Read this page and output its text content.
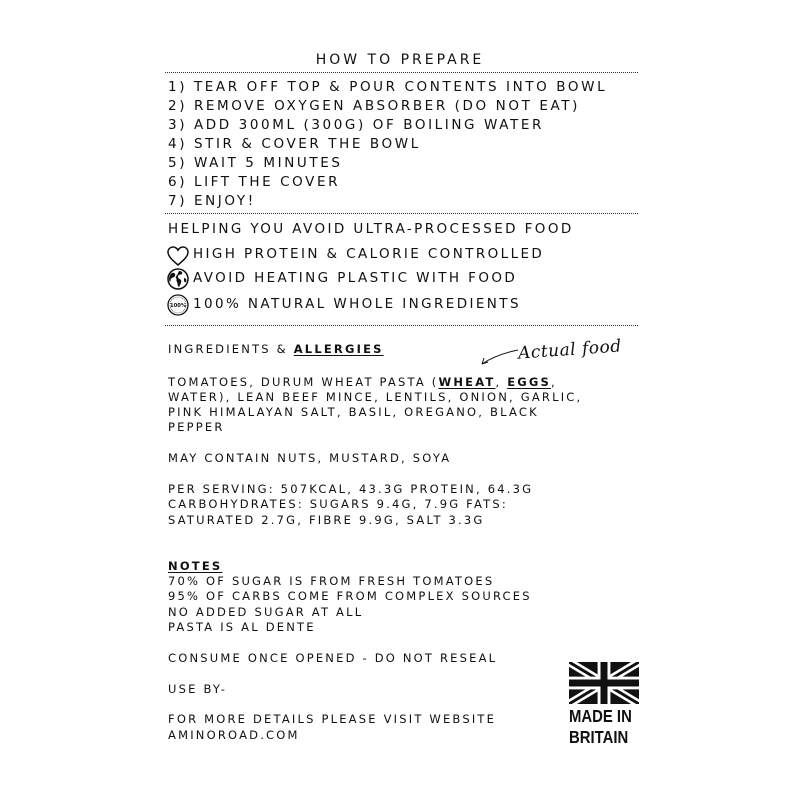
HOW TO PREPARE
1) TEAR OFF TOP & POUR CONTENTS INTO BOWL
2) REMOVE OXYGEN ABSORBER (DO NOT EAT)
3) ADD 300ML (300G) OF BOILING WATER
4) STIR & COVER THE BOWL
5) WAIT 5 MINUTES
6) LIFT THE COVER
7) ENJOY!
HELPING YOU AVOID ULTRA-PROCESSED FOOD
HIGH PROTEIN & CALORIE CONTROLLED
AVOID HEATING PLASTIC WITH FOOD
100% 100% NATURAL WHOLE INGREDIENTS
INGREDIENTS & ALLERGIES	Actual food
TOMATOES, DURUM WHEAT PASTA (WHEAT, EGGS,
WATER), LEAN BEEF MINCE, LENTILS, ONION, GARLIC,
PINK HIMALAYAN SALT, BASIL, OREGANO, BLACK
PEPPER
MAY CONTAIN NUTS, MUSTARD, SOYA
PER SERVING: 507KCAL, 43.3G PROTEIN, 64.3G
CARBOHYDRATES: SUGARS 9.4G, 7.9G FATS:
SATURATED 2.7G, FIBRE 9.9G, SALT 3.3G
NOTES
70% OF SUGAR IS FROM FRESH TOMATOES
95% OF CARBS COME FROM COMPLEX SOURCES
NO ADDED SUGAR AT ALL
PASTA IS AL DENTE
CONSUME ONCE OPENED - DO NOT RESEAL
USE BY-
FOR MORE DETAILS PLEASE VISIT WEBSITE
AMINOROAD.COM
MADE IN
BRITAIN
